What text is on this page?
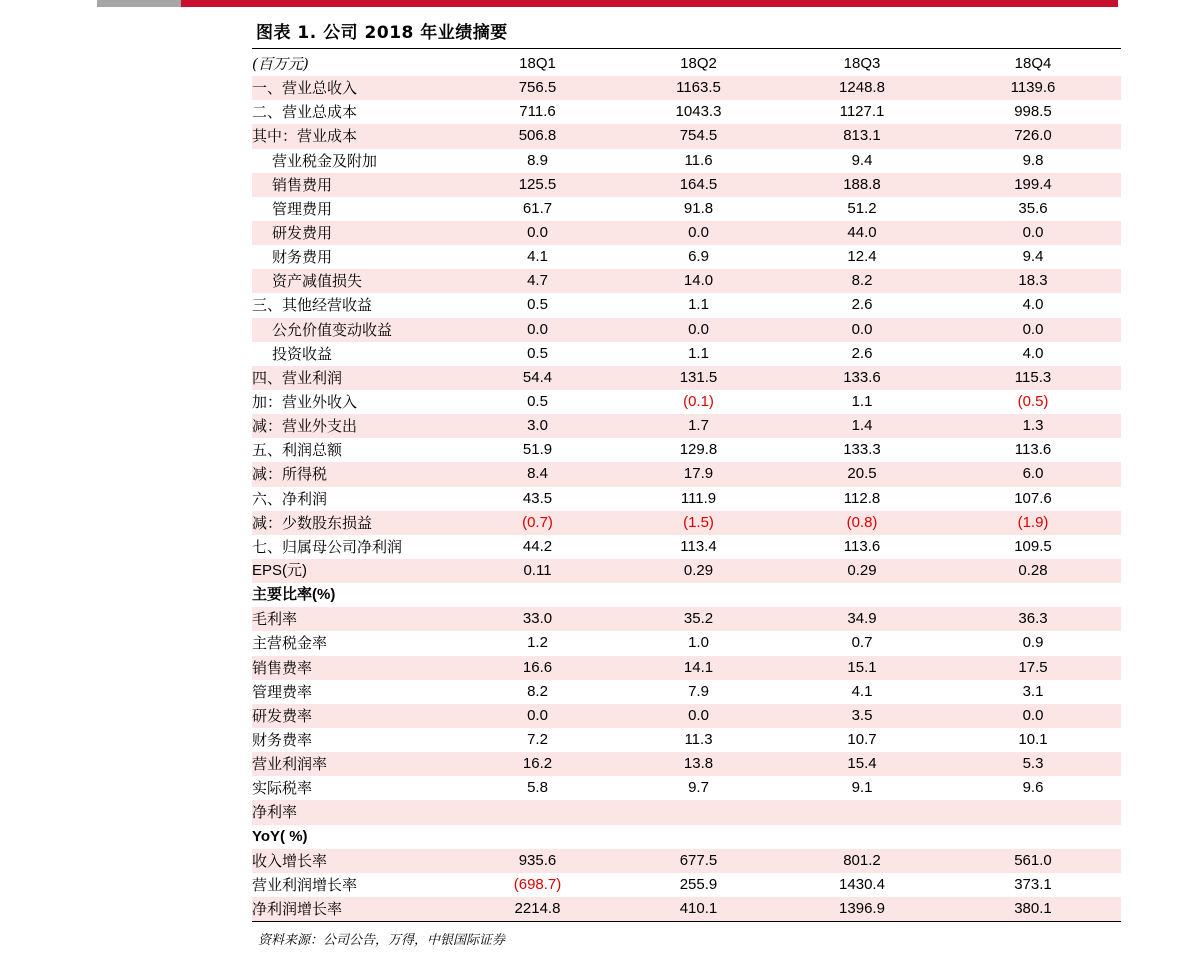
图表 1. 公司 2018 年业绩摘要
(百万元)	18Q1	18Q2	18Q3	18Q4
一、营业总收入	756.5	1163.5	1248.8	1139.6
二、营业总成本	711.6	1043.3	1127.1	998.5
其中：营业成本	506.8	754.5	813.1	726.0
营业税金及附加	8.9	11.6	9.4	9.8
销售费用	125.5	164.5	188.8	199.4
管理费用	61.7	91.8	51.2	35.6
研发费用	0.0	0.0	44.0	0.0
财务费用	4.1	6.9	12.4	9.4
资产减值损失	4.7	14.0	8.2	18.3
三、其他经营收益	0.5	1.1	2.6	4.0
公允价值变动收益	0.0	0.0	0.0	0.0
投资收益	0.5	1.1	2.6	4.0
四、营业利润	54.4	131.5	133.6	115.3
加：营业外收入	0.5	(0.1)	1.1	(0.5)
减：营业外支出	3.0	1.7	1.4	1.3
五、利润总额	51.9	129.8	133.3	113.6
减：所得税	8.4	17.9	20.5	6.0
六、净利润	43.5	111.9	112.8	107.6
减：少数股东损益	(0.7)	(1.5)	(0.8)	(1.9)
七、归属母公司净利润	44.2	113.4	113.6	109.5
EPS(元)	0.11	0.29	0.29	0.28
主要比率(%)				
毛利率	33.0	35.2	34.9	36.3
主营税金率	1.2	1.0	0.7	0.9
销售费率	16.6	14.1	15.1	17.5
管理费率	8.2	7.9	4.1	3.1
研发费率	0.0	0.0	3.5	0.0
财务费率	7.2	11.3	10.7	10.1
营业利润率	16.2	13.8	15.4	5.3
实际税率	5.8	9.7	9.1	9.6
净利率				
YoY( %)				
收入增长率	935.6	677.5	801.2	561.0
营业利润增长率	(698.7)	255.9	1430.4	373.1
净利润增长率	2214.8	410.1	1396.9	380.1
资料来源：公司公告，万得，中银国际证券
